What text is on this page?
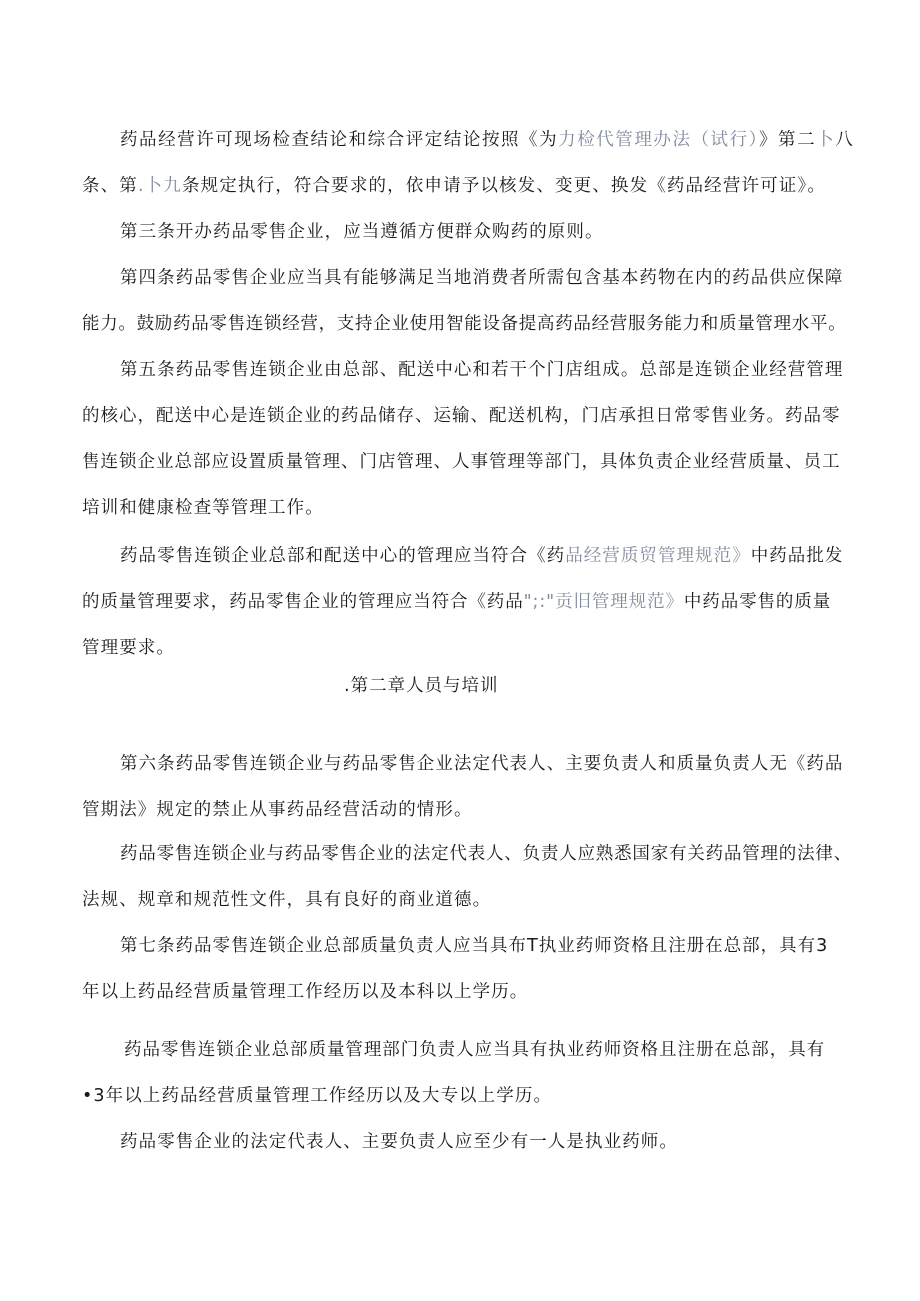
药品经营许可现场检查结论和综合评定结论按照《为力检代管理办法（试行）》第二卜八
条、第.卜九条规定执行，符合要求的，依申请予以核发、变更、换发《药品经营许可证》。
第三条开办药品零售企业，应当遵循方便群众购药的原则。
第四条药品零售企业应当具有能够满足当地消费者所需包含基本药物在内的药品供应保障
能力。鼓励药品零售连锁经营，支持企业使用智能设备提高药品经营服务能力和质量管理水平。
第五条药品零售连锁企业由总部、配送中心和若干个门店组成。总部是连锁企业经营管理
的核心，配送中心是连锁企业的药品储存、运输、配送机构，门店承担日常零售业务。药品零
售连锁企业总部应设置质量管理、门店管理、人事管理等部门，具体负责企业经营质量、员工
培训和健康检查等管理工作。
药品零售连锁企业总部和配送中心的管理应当符合《药品经营质贸管理规范》中药品批发
的质量管理要求，药品零售企业的管理应当符合《药品";:"贡旧管理规范》中药品零售的质量
管理要求。
.第二章人员与培训
第六条药品零售连锁企业与药品零售企业法定代表人、主要负责人和质量负责人无《药品
管期法》规定的禁止从事药品经营活动的情形。
药品零售连锁企业与药品零售企业的法定代表人、负责人应熟悉国家有关药品管理的法律、
法规、规章和规范性文件，具有良好的商业道德。
第七条药品零售连锁企业总部质量负责人应当具布T执业药师资格且注册在总部，具有3
年以上药品经营质量管理工作经历以及本科以上学历。
药品零售连锁企业总部质量管理部门负责人应当具有执业药师资格且注册在总部，具有
•3年以上药品经营质量管理工作经历以及大专以上学历。
药品零售企业的法定代表人、主要负责人应至少有一人是执业药师。
